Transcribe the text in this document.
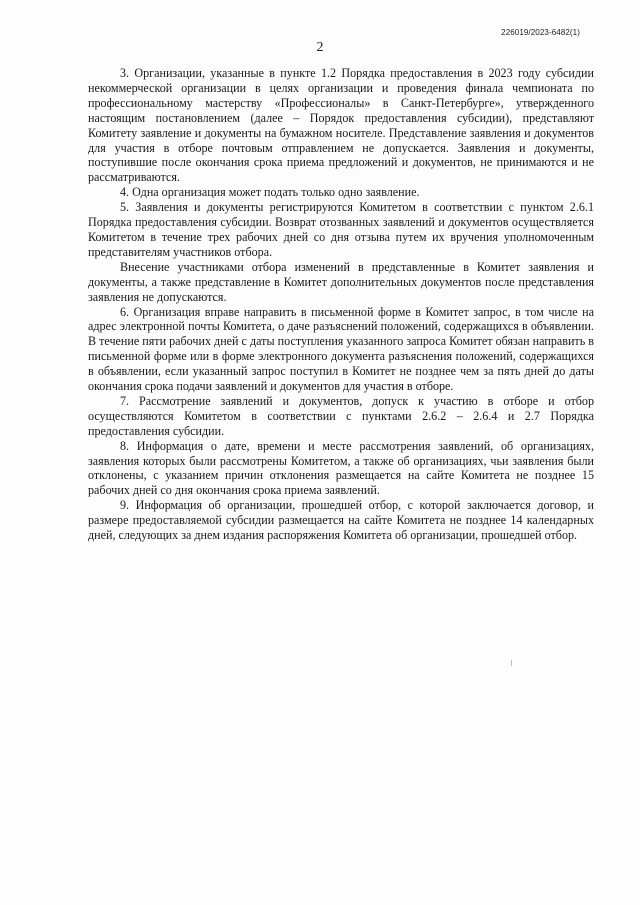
226019/2023-6482(1)
2

3. Организации, указанные в пункте 1.2 Порядка предоставления в 2023 году субсидии некоммерческой организации в целях организации и проведения финала чемпионата по профессиональному мастерству «Профессионалы» в Санкт-Петербурге», утвержденного настоящим постановлением (далее – Порядок предоставления субсидии), представляют Комитету заявление и документы на бумажном носителе. Представление заявления и документов для участия в отборе почтовым отправлением не допускается. Заявления и документы, поступившие после окончания срока приема предложений и документов, не принимаются и не рассматриваются.

4. Одна организация может подать только одно заявление.

5. Заявления и документы регистрируются Комитетом в соответствии с пунктом 2.6.1 Порядка предоставления субсидии. Возврат отозванных заявлений и документов осуществляется Комитетом в течение трех рабочих дней со дня отзыва путем их вручения уполномоченным представителям участников отбора.

Внесение участниками отбора изменений в представленные в Комитет заявления и документы, а также представление в Комитет дополнительных документов после представления заявления не допускаются.

6. Организация вправе направить в письменной форме в Комитет запрос, в том числе на адрес электронной почты Комитета, о даче разъяснений положений, содержащихся в объявлении. В течение пяти рабочих дней с даты поступления указанного запроса Комитет обязан направить в письменной форме или в форме электронного документа разъяснения положений, содержащихся в объявлении, если указанный запрос поступил в Комитет не позднее чем за пять дней до даты окончания срока подачи заявлений и документов для участия в отборе.

7. Рассмотрение заявлений и документов, допуск к участию в отборе и отбор осуществляются Комитетом в соответствии с пунктами 2.6.2 – 2.6.4 и 2.7 Порядка предоставления субсидии.

8. Информация о дате, времени и месте рассмотрения заявлений, об организациях, заявления которых были рассмотрены Комитетом, а также об организациях, чьи заявления были отклонены, с указанием причин отклонения размещается на сайте Комитета не позднее 15 рабочих дней со дня окончания срока приема заявлений.

9. Информация об организации, прошедшей отбор, с которой заключается договор, и размере предоставляемой субсидии размещается на сайте Комитета не позднее 14 календарных дней, следующих за днем издания распоряжения Комитета об организации, прошедшей отбор.
